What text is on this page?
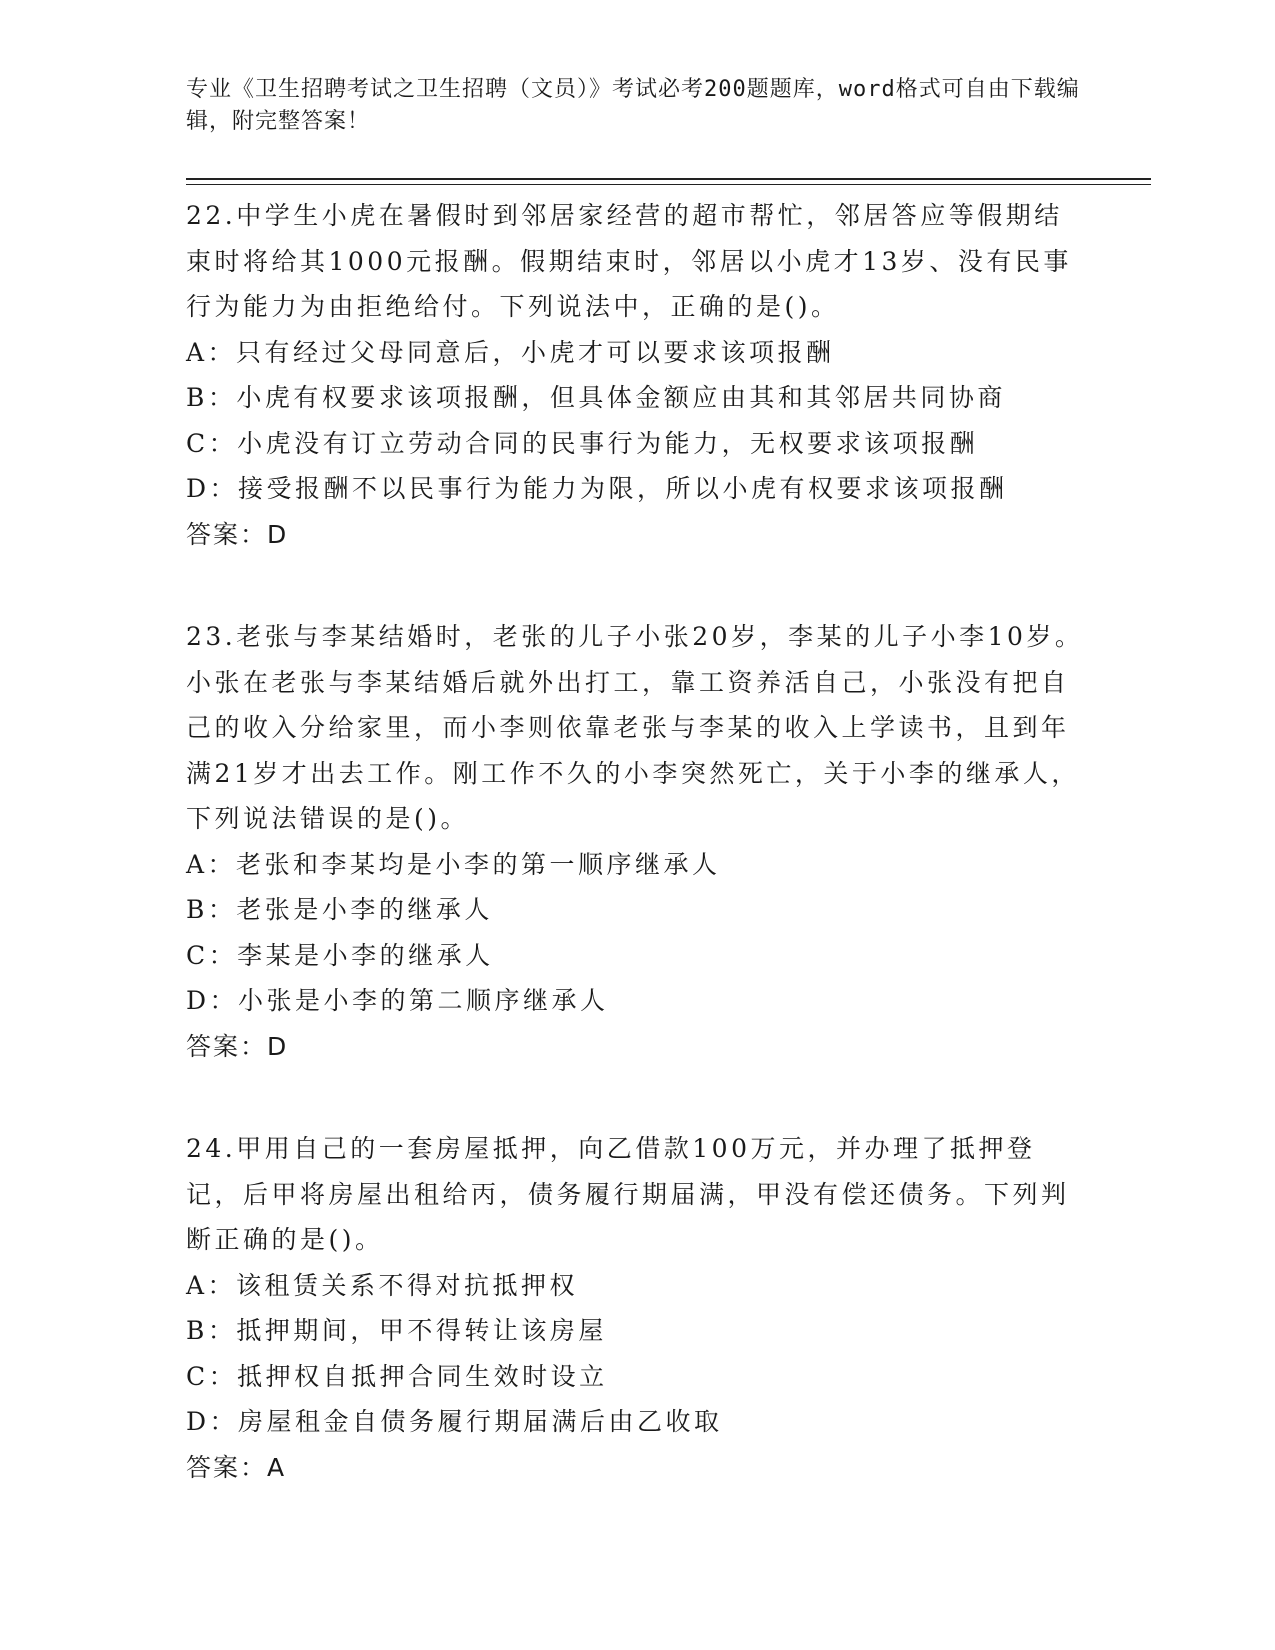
专业《卫生招聘考试之卫生招聘（文员）》考试必考200题题库，word格式可自由下载编辑，附完整答案！

22.中学生小虎在暑假时到邻居家经营的超市帮忙，邻居答应等假期结束时将给其1000元报酬。假期结束时，邻居以小虎才13岁、没有民事行为能力为由拒绝给付。下列说法中，正确的是()。

A：只有经过父母同意后，小虎才可以要求该项报酬

B：小虎有权要求该项报酬，但具体金额应由其和其邻居共同协商

C：小虎没有订立劳动合同的民事行为能力，无权要求该项报酬

D：接受报酬不以民事行为能力为限，所以小虎有权要求该项报酬

答案：D

23.老张与李某结婚时，老张的儿子小张20岁，李某的儿子小李10岁。小张在老张与李某结婚后就外出打工，靠工资养活自己，小张没有把自己的收入分给家里，而小李则依靠老张与李某的收入上学读书，且到年满21岁才出去工作。刚工作不久的小李突然死亡，关于小李的继承人，下列说法错误的是()。

A：老张和李某均是小李的第一顺序继承人

B：老张是小李的继承人

C：李某是小李的继承人

D：小张是小李的第二顺序继承人

答案：D

24.甲用自己的一套房屋抵押，向乙借款100万元，并办理了抵押登记，后甲将房屋出租给丙，债务履行期届满，甲没有偿还债务。下列判断正确的是()。

A：该租赁关系不得对抗抵押权

B：抵押期间，甲不得转让该房屋

C：抵押权自抵押合同生效时设立

D：房屋租金自债务履行期届满后由乙收取

答案：A
